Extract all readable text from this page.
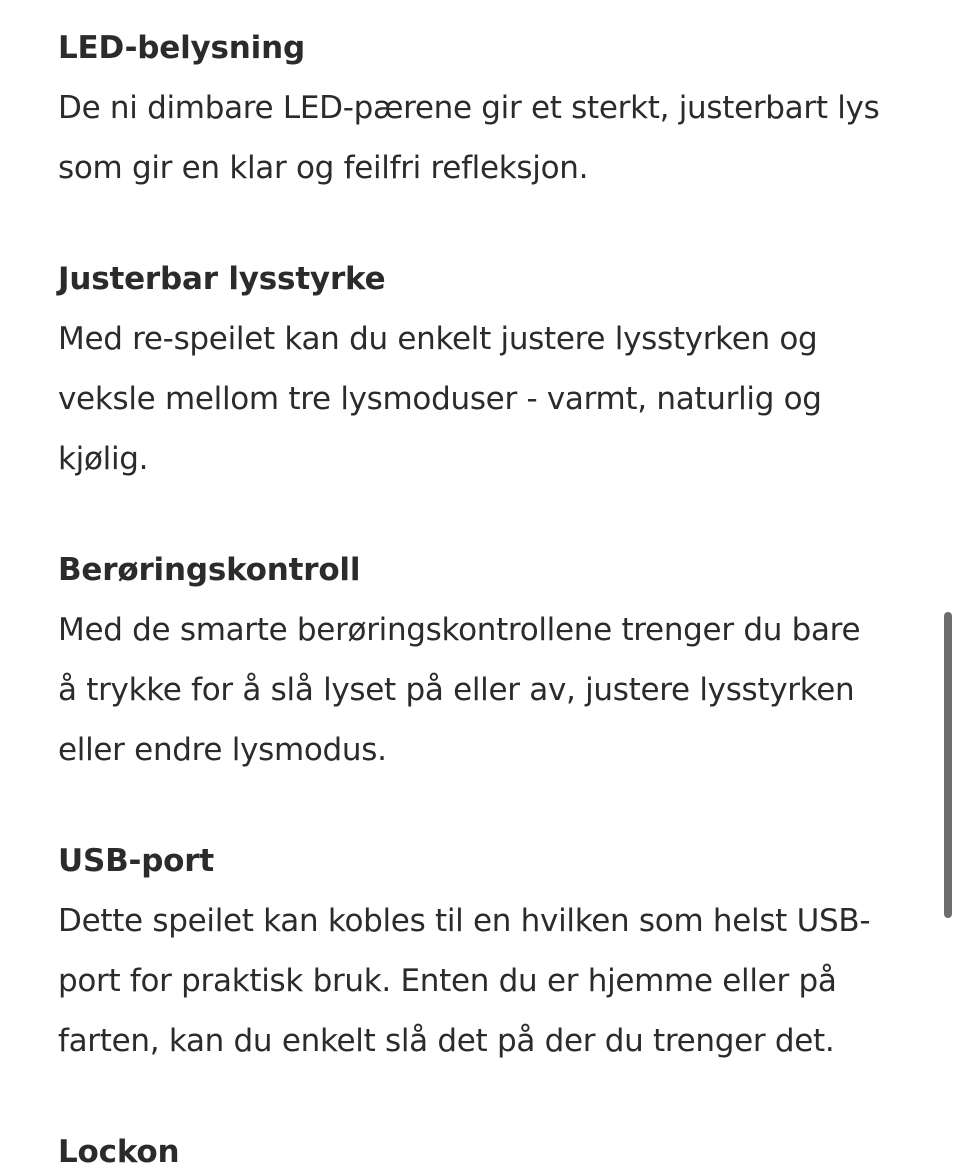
LED-belysning
De ni dimbare LED-pærene gir et sterkt, justerbart lys
som gir en klar og feilfri refleksjon.
Justerbar lysstyrke
Med re-speilet kan du enkelt justere lysstyrken og
veksle mellom tre lysmoduser - varmt, naturlig og
kjølig.
Berøringskontroll
Med de smarte berøringskontrollene trenger du bare
å trykke for å slå lyset på eller av, justere lysstyrken
eller endre lysmodus.
USB-port
Dette speilet kan kobles til en hvilken som helst USB-
port for praktisk bruk. Enten du er hjemme eller på
farten, kan du enkelt slå det på der du trenger det.
Lockon
